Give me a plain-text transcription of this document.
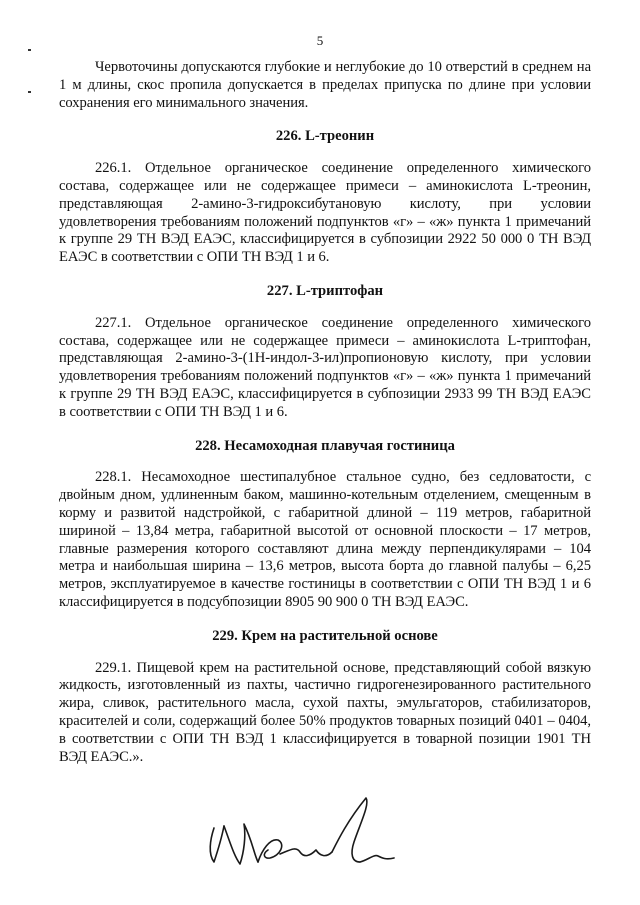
5

Червоточины допускаются глубокие и неглубокие до 10 отверстий в среднем на 1 м длины, скос пропила допускается в пределах припуска по длине при условии сохранения его минимального значения.

226. L-треонин

226.1. Отдельное органическое соединение определенного химического состава, содержащее или не содержащее примеси – аминокислота L-треонин, представляющая 2-амино-3-гидроксибутановую кислоту, при условии удовлетворения требованиям положений подпунктов «г» – «ж» пункта 1 примечаний к группе 29 ТН ВЭД ЕАЭС, классифицируется в субпозиции 2922 50 000 0 ТН ВЭД ЕАЭС в соответствии с ОПИ ТН ВЭД 1 и 6.

227. L-триптофан

227.1. Отдельное органическое соединение определенного химического состава, содержащее или не содержащее примеси – аминокислота L-триптофан, представляющая 2-амино-3-(1Н-индол-3-ил)пропионовую кислоту, при условии удовлетворения требованиям положений подпунктов «г» – «ж» пункта 1 примечаний к группе 29 ТН ВЭД ЕАЭС, классифицируется в субпозиции 2933 99 ТН ВЭД ЕАЭС в соответствии с ОПИ ТН ВЭД 1 и 6.

228. Несамоходная плавучая гостиница

228.1. Несамоходное шестипалубное стальное судно, без седловатости, с двойным дном, удлиненным баком, машинно-котельным отделением, смещенным в корму и развитой надстройкой, с габаритной длиной – 119 метров, габаритной шириной – 13,84 метра, габаритной высотой от основной плоскости – 17 метров, главные размерения которого составляют длина между перпендикулярами – 104 метра и наибольшая ширина – 13,6 метров, высота борта до главной палубы – 6,25 метров, эксплуатируемое в качестве гостиницы в соответствии с ОПИ ТН ВЭД 1 и 6 классифицируется в подсубпозиции 8905 90 900 0 ТН ВЭД ЕАЭС.

229. Крем на растительной основе

229.1. Пищевой крем на растительной основе, представляющий собой вязкую жидкость, изготовленный из пахты, частично гидрогенезированного растительного жира, сливок, растительного масла, сухой пахты, эмульгаторов, стабилизаторов, красителей и соли, содержащий более 50% продуктов товарных позиций 0401 – 0404, в соответствии с ОПИ ТН ВЭД 1 классифицируется в товарной позиции 1901 ТН ВЭД ЕАЭС.».
